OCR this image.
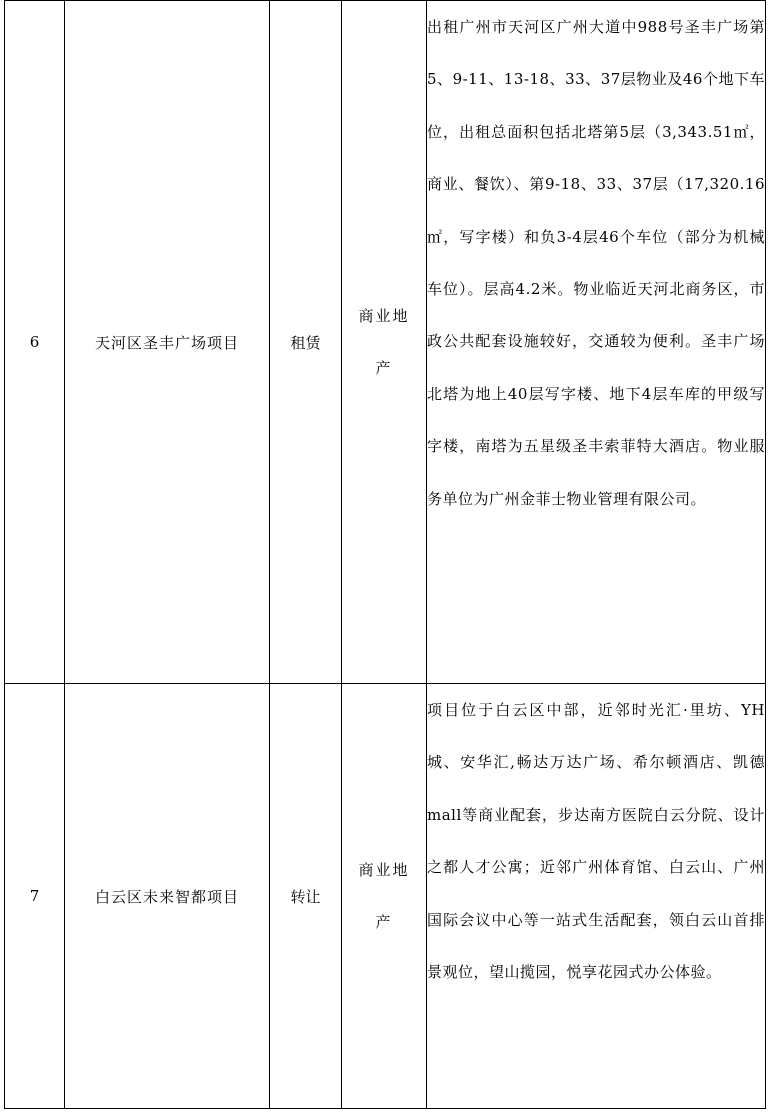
6	天河区圣丰广场项目	租赁	商业地产	出租广州市天河区广州大道中988号圣丰广场第5、9-11、13-18、33、37层物业及46个地下车位，出租总面积包括北塔第5层（3,343.51㎡，商业、餐饮）、第9-18、33、37层（17,320.16㎡，写字楼）和负3-4层46个车位（部分为机械车位）。层高4.2米。物业临近天河北商务区，市政公共配套设施较好，交通较为便利。圣丰广场北塔为地上40层写字楼、地下4层车库的甲级写字楼，南塔为五星级圣丰索菲特大酒店。物业服务单位为广州金菲士物业管理有限公司。
7	白云区未来智都项目	转让	商业地产	项目位于白云区中部，近邻时光汇·里坊、YH城、安华汇,畅达万达广场、希尔顿酒店、凯德mall等商业配套，步达南方医院白云分院、设计之都人才公寓；近邻广州体育馆、白云山、广州国际会议中心等一站式生活配套，领白云山首排景观位，望山揽园，悦享花园式办公体验。
